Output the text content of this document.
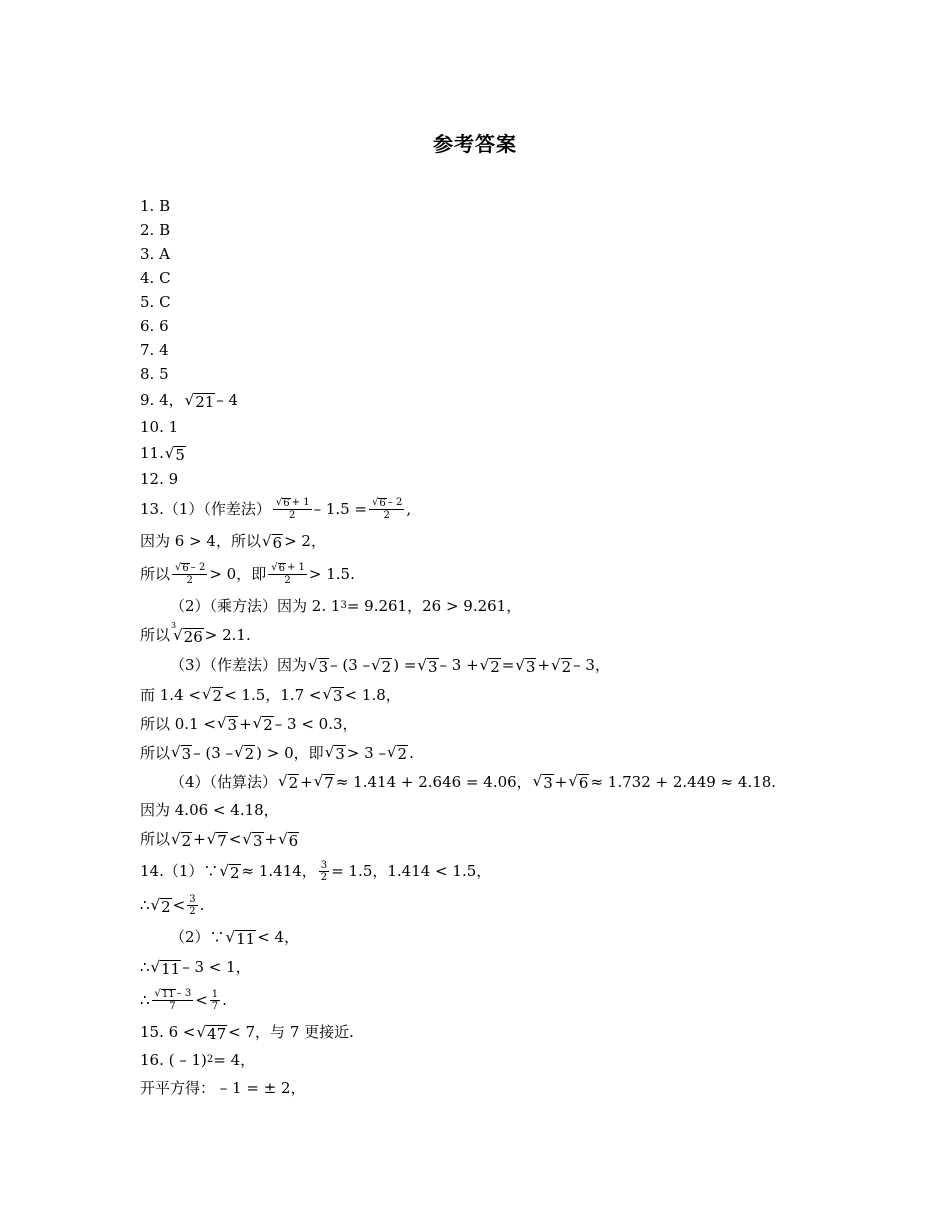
参考答案
1. B
2. B
3. A
4. C
5. C
6. 6
7. 4
8. 5
9. 4， √ 21 – 4
10. 1
11. √ 5
12. 9
13.（1）（作差法） $\frac{√ 6 + 1}{2} - 1.5 = \frac{√ 6 - 2}{2}$ ,
因为 6 > 4，所以 √ 6 > 2，
所以 $\frac{√ 6 - 2}{2} > 0$，即 $\frac{√ 6 + 1}{2} > 1.5$.
（2）（乘方法）因为 2. 1 3 = 9.261，26 > 9.261，
所以
3
√ 26 > 2.1.
（3）（作差法）因为 √ 3 – (3 – √ 2 ) = √ 3 – 3 + √ 2 = √ 3 + √ 2 – 3，
而 1.4 < √ 2 < 1.5，1.7 < √ 3 < 1.8，
所以 0.1 < √ 3 + √ 2 – 3 < 0.3，
所以 √ 3 – (3 – √ 2 ) > 0，即 √ 3 > 3 – √ 2 .
（4）（估算法） √ 2 + √ 7 ≈ 1.414 + 2.646 = 4.06， √ 3 + √ 6 ≈ 1.732 + 2.449 ≈ 4.18.
因为 4.06 < 4.18，
所以 √ 2 + √ 7 < √ 3 + √ 6
14.（1）∵ √ 2 ≈ 1.414， $\frac{3}{2} = 1.5$，1.414 < 1.5，
∴ √ $2 < \frac{3}{2}$ .
（2）∵ √ 11 < 4，
∴ √ 11 – 3 < 1，
∴ $\frac{√ 11 - 3}{7} < \frac{1}{7}$ .
15. 6 < √ 47 < 7，与 7 更接近.
16. ( – 1) 2 = 4，
开平方得： – 1 = ± 2，
